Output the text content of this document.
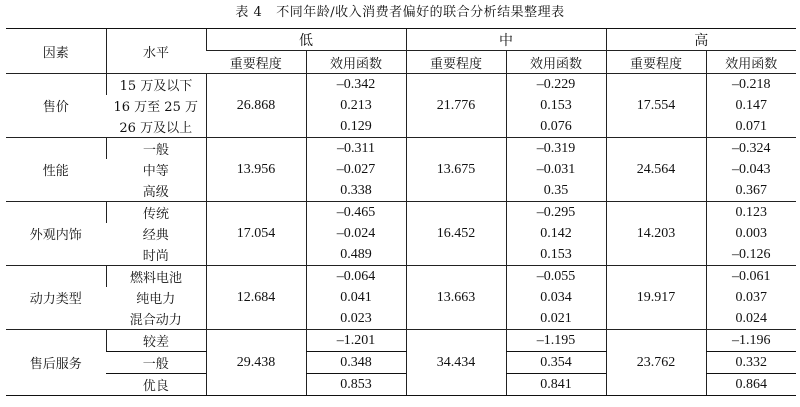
表 4 不同年龄/收入消费者偏好的联合分析结果整理表
因素	水平	低		中		高	
		重要程度	效用函数	重要程度	效用函数	重要程度	效用函数
售价	15 万及以下	26.868	–0.342	21.776	–0.229	17.554	–0.218
	16 万至 25 万		0.213		0.153		0.147
	26 万及以上		0.129		0.076		0.071
性能	一般	13.956	–0.311	13.675	–0.319	24.564	–0.324
	中等		–0.027		–0.031		–0.043
	高级		0.338		0.35		0.367
外观内饰	传统	17.054	–0.465	16.452	–0.295	14.203	0.123
	经典		–0.024		0.142		0.003
	时尚		0.489		0.153		–0.126
动力类型	燃料电池	12.684	–0.064	13.663	–0.055	19.917	–0.061
	纯电力		0.041		0.034		0.037
	混合动力		0.023		0.021		0.024
售后服务	较差	29.438	–1.201	34.434	–1.195	23.762	–1.196
	一般		0.348		0.354		0.332
	优良		0.853		0.841		0.864
